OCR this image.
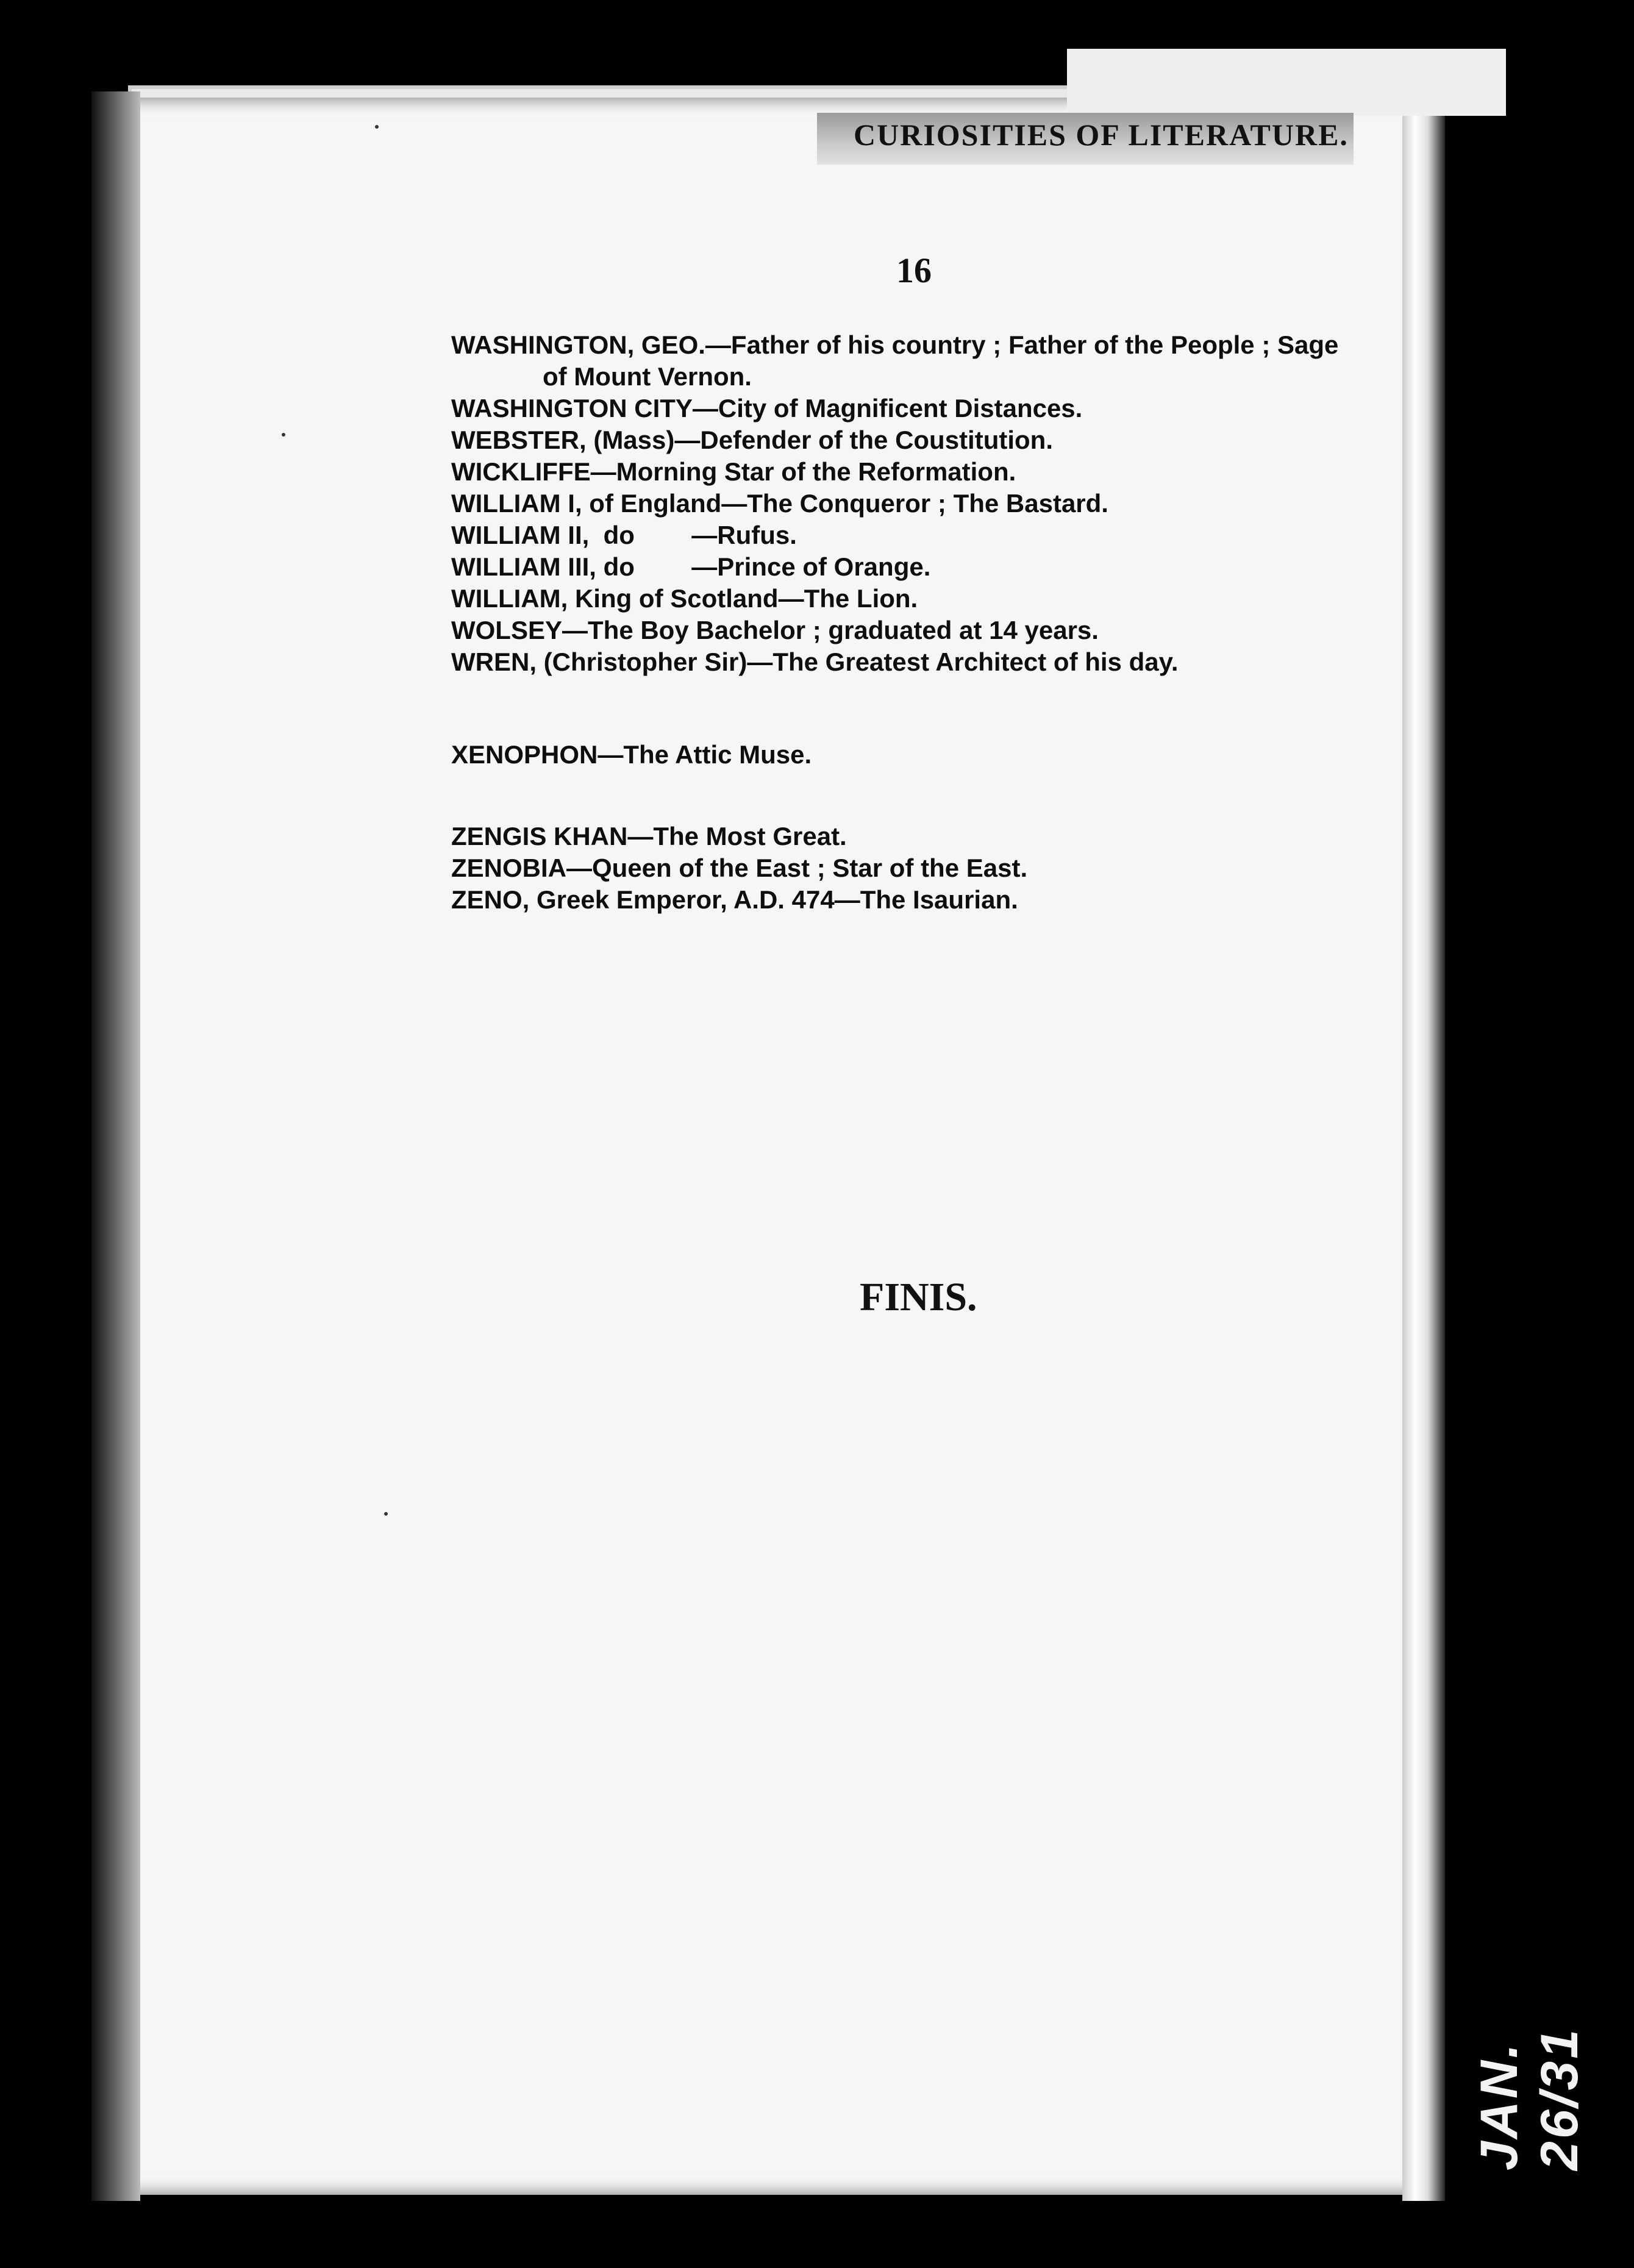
CURIOSITIES OF LITERATURE.
16
WASHINGTON, GEO.—Father of his country ; Father of the People ; Sage
of Mount Vernon.
WASHINGTON CITY—City of Magnificent Distances.
WEBSTER, (Mass)—Defender of the Coustitution.
WICKLIFFE—Morning Star of the Reformation.
WILLIAM I, of England—The Conqueror ; The Bastard.
WILLIAM II,  do        —Rufus.
WILLIAM III, do        —Prince of Orange.
WILLIAM, King of Scotland—The Lion.
WOLSEY—The Boy Bachelor ; graduated at 14 years.
WREN, (Christopher Sir)—The Greatest Architect of his day.
XENOPHON—The Attic Muse.
ZENGIS KHAN—The Most Great.
ZENOBIA—Queen of the East ; Star of the East.
ZENO, Greek Emperor, A.D. 474—The Isaurian.
FINIS.
JAN. 26/31
